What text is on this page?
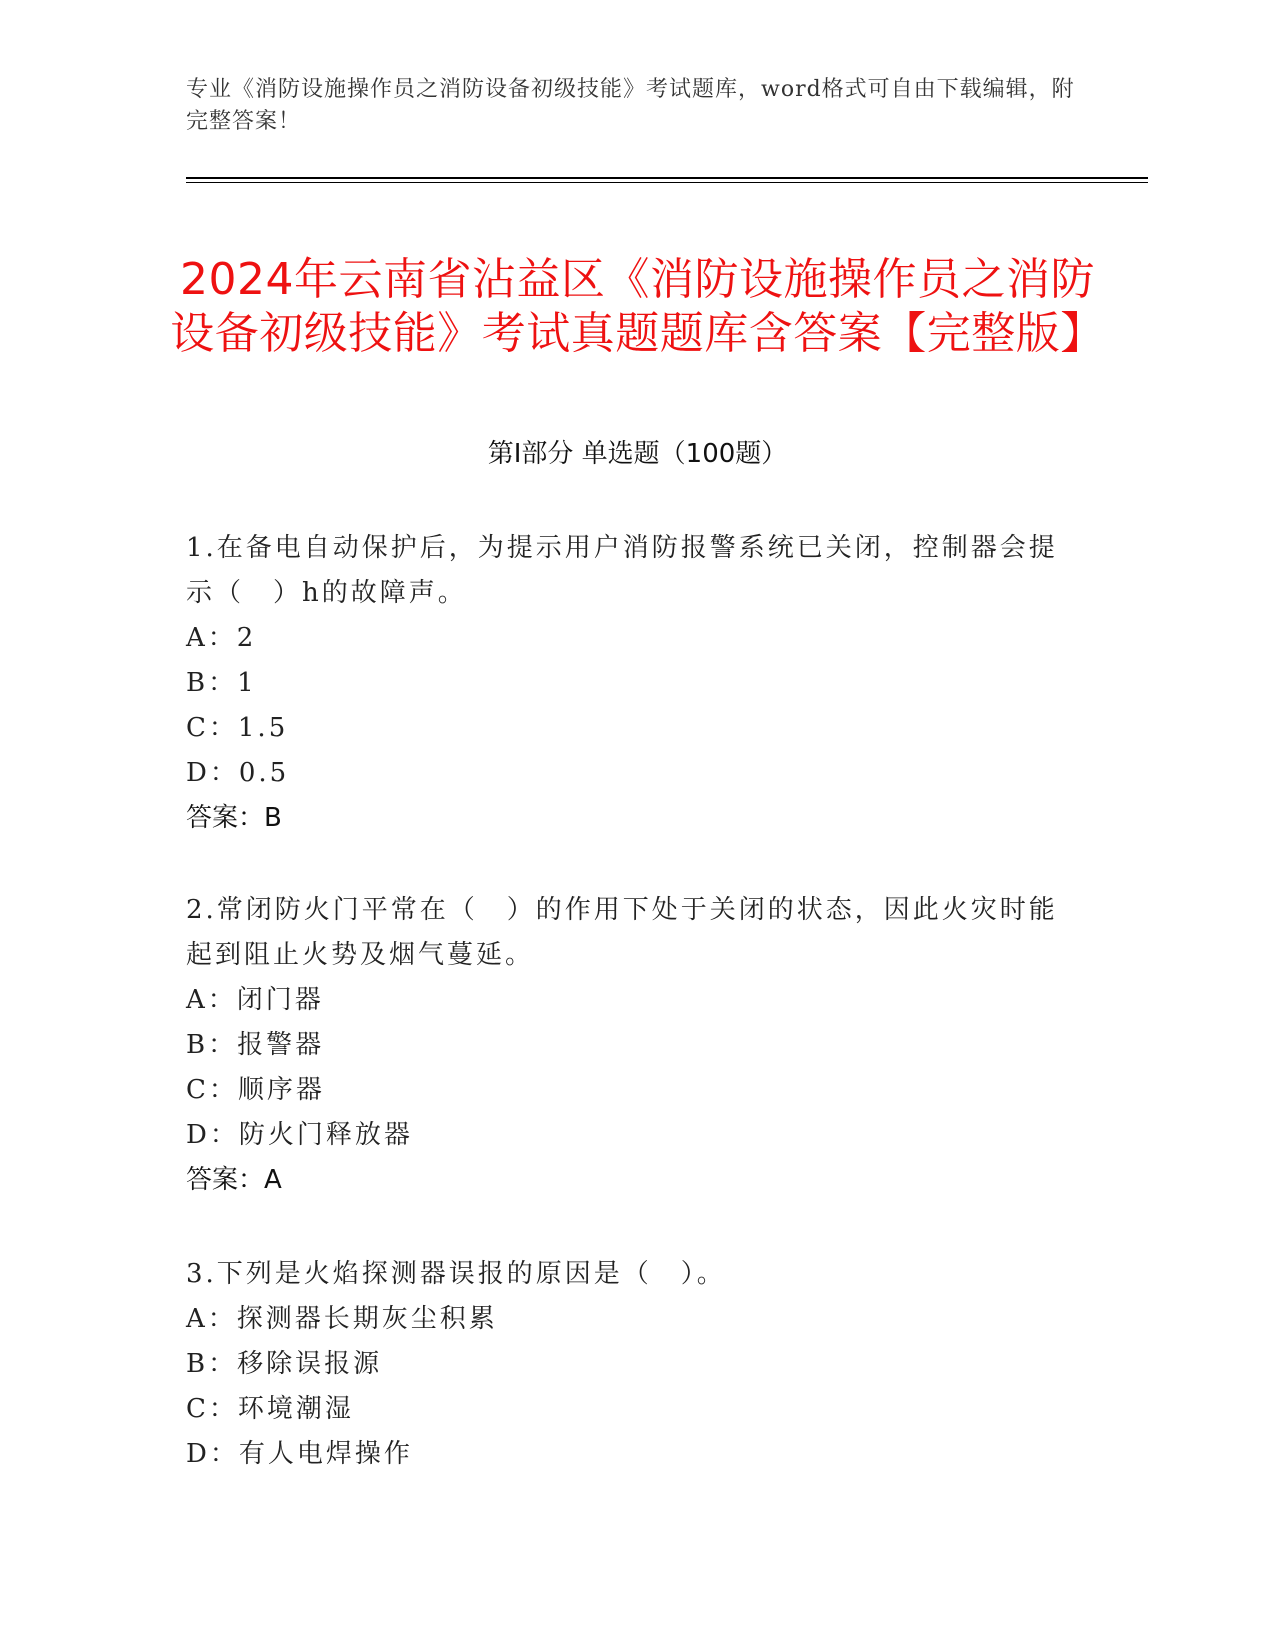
专业《消防设施操作员之消防设备初级技能》考试题库，word格式可自由下载编辑，附完整答案！
2024年云南省沾益区《消防设施操作员之消防设备初级技能》考试真题题库含答案【完整版】
第Ⅰ部分 单选题（100题）
1.在备电自动保护后，为提示用户消防报警系统已关闭，控制器会提示（　）h的故障声。
A：2
B：1
C：1.5
D：0.5
答案：B
2.常闭防火门平常在（　）的作用下处于关闭的状态，因此火灾时能起到阻止火势及烟气蔓延。
A：闭门器
B：报警器
C：顺序器
D：防火门释放器
答案：A
3.下列是火焰探测器误报的原因是（　）。
A：探测器长期灰尘积累
B：移除误报源
C：环境潮湿
D：有人电焊操作
